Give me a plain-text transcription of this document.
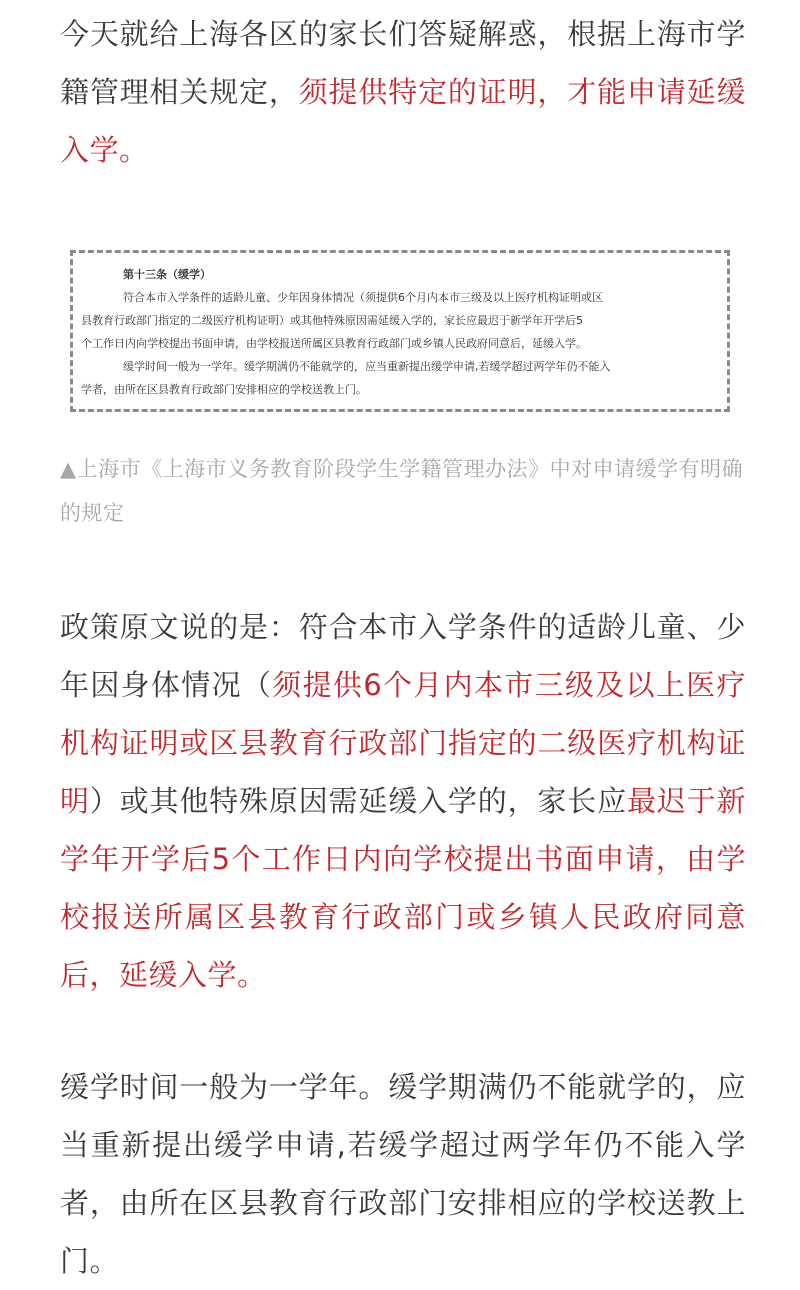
今天就给上海各区的家长们答疑解惑，根据上海市学籍管理相关规定，须提供特定的证明，才能申请延缓入学。

第十三条（缓学）

符合本市入学条件的适龄儿童、少年因身体情况（须提供6个月内本市三级及以上医疗机构证明或区

县教育行政部门指定的二级医疗机构证明）或其他特殊原因需延缓入学的，家长应最迟于新学年开学后5

个工作日内向学校提出书面申请，由学校报送所属区县教育行政部门或乡镇人民政府同意后，延缓入学。

缓学时间一般为一学年。缓学期满仍不能就学的，应当重新提出缓学申请,若缓学超过两学年仍不能入

学者，由所在区县教育行政部门安排相应的学校送教上门。

▲上海市《上海市义务教育阶段学生学籍管理办法》中对申请缓学有明确的规定

政策原文说的是：符合本市入学条件的适龄儿童、少年因身体情况（须提供6个月内本市三级及以上医疗机构证明或区县教育行政部门指定的二级医疗机构证明）或其他特殊原因需延缓入学的，家长应最迟于新学年开学后5个工作日内向学校提出书面申请，由学校报送所属区县教育行政部门或乡镇人民政府同意后，延缓入学。

缓学时间一般为一学年。缓学期满仍不能就学的，应当重新提出缓学申请,若缓学超过两学年仍不能入学者，由所在区县教育行政部门安排相应的学校送教上门。
